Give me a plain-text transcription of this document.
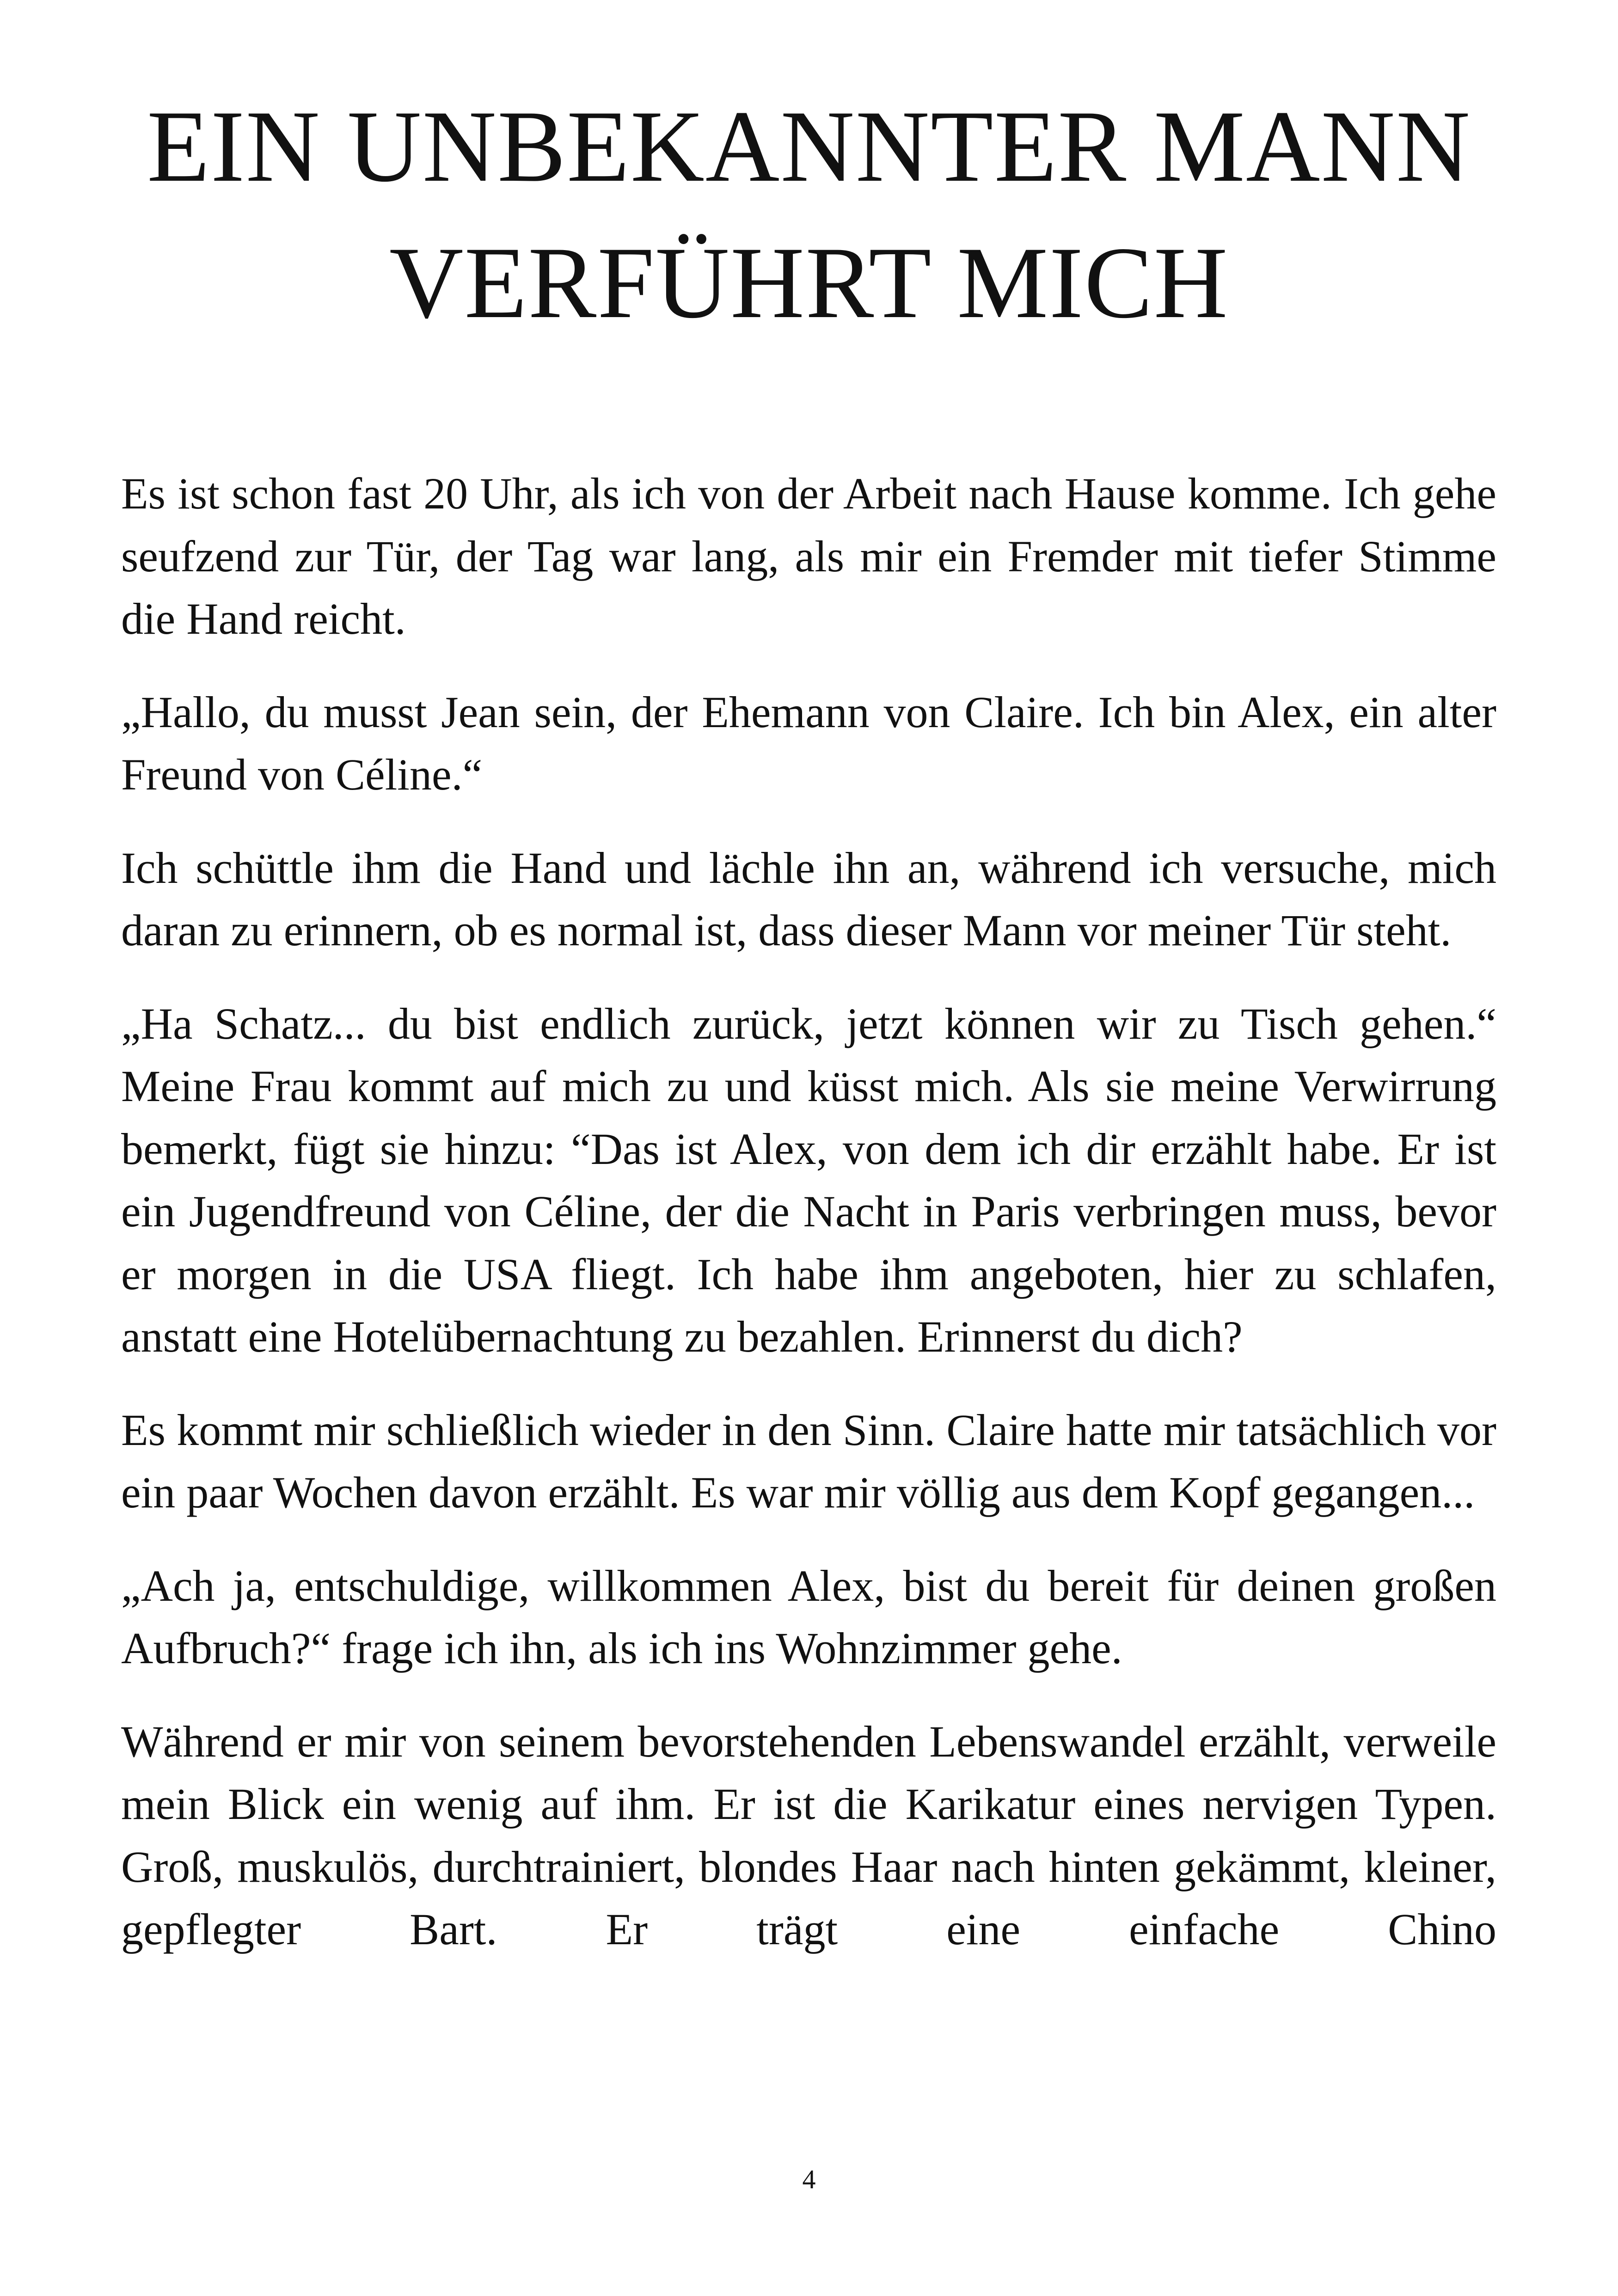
EIN UNBEKANNTER MANN
VERFÜHRT MICH

Es ist schon fast 20 Uhr, als ich von der Arbeit nach Hause komme. Ich gehe seufzend zur Tür, der Tag war lang, als mir ein Fremder mit tiefer Stimme die Hand reicht.

„Hallo, du musst Jean sein, der Ehemann von Claire. Ich bin Alex, ein alter Freund von Céline.“

Ich schüttle ihm die Hand und lächle ihn an, während ich versuche, mich daran zu erinnern, ob es normal ist, dass dieser Mann vor meiner Tür steht.

„Ha Schatz... du bist endlich zurück, jetzt können wir zu Tisch gehen.“ Meine Frau kommt auf mich zu und küsst mich. Als sie meine Verwirrung bemerkt, fügt sie hinzu: “Das ist Alex, von dem ich dir erzählt habe. Er ist ein Jugendfreund von Céline, der die Nacht in Paris verbringen muss, bevor er morgen in die USA fliegt. Ich habe ihm angeboten, hier zu schlafen, anstatt eine Hotelübernachtung zu bezahlen. Erinnerst du dich?

Es kommt mir schließlich wieder in den Sinn. Claire hatte mir tatsächlich vor ein paar Wochen davon erzählt. Es war mir völlig aus dem Kopf gegangen...

„Ach ja, entschuldige, willkommen Alex, bist du bereit für deinen großen Aufbruch?“ frage ich ihn, als ich ins Wohnzimmer gehe.

Während er mir von seinem bevorstehenden Lebenswandel erzählt, verweile mein Blick ein wenig auf ihm. Er ist die Karikatur eines nervigen Typen. Groß, muskulös, durchtrainiert, blondes Haar nach hinten gekämmt, kleiner, gepflegter Bart. Er trägt eine einfache Chino

4
